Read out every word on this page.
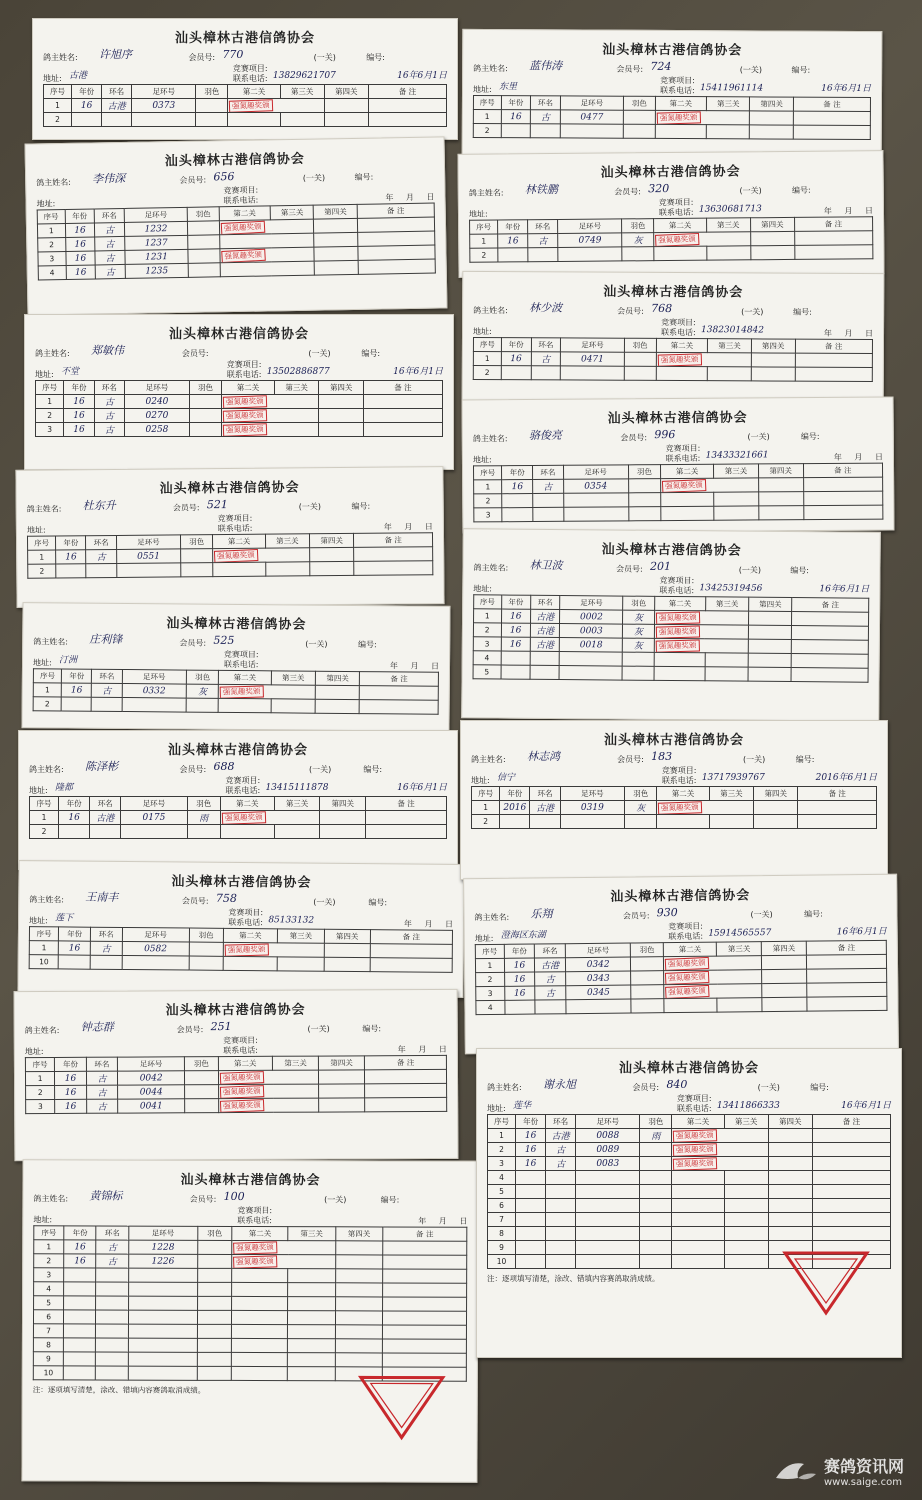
汕头樟林古港信鸽协会
鸽主姓名: 许旭序	会员号: 770	(一关)	编号:
竞赛项目:
地址: 古港	联系电话: 13829621707	16年6月1日
序号	年份	环名	足环号	羽色	第二关	第三关	第四关	备 注
1	16	古港	0373		强氮趣奖颁			
2								
汕头樟林古港信鸽协会
鸽主姓名: 李伟深	会员号: 656	(一关)	编号:
竞赛项目:
地址:	联系电话:	年 月 日
序号	年份	环名	足环号	羽色	第二关	第三关	第四关	备 注
1	16	古	1232		强氮趣奖颁			
2	16	古	1237					
3	16	古	1231		强氮趣奖颁			
4	16	古	1235					
汕头樟林古港信鸽协会
鸽主姓名: 郑敏伟	会员号:	(一关)	编号:
竞赛项目:
地址: 不堂	联系电话: 13502886877	16年6月1日
序号	年份	环名	足环号	羽色	第二关	第三关	第四关	备 注
1	16	古	0240		强氮趣奖颁			
2	16	古	0270		强氮趣奖颁			
3	16	古	0258		强氮趣奖颁			
汕头樟林古港信鸽协会
鸽主姓名: 杜东升	会员号: 521	(一关)	编号:
竞赛项目:
地址:	联系电话:	年 月 日
序号	年份	环名	足环号	羽色	第二关	第三关	第四关	备 注
1	16	古	0551		强氮趣奖颁			
2								
汕头樟林古港信鸽协会
鸽主姓名: 庄利锋	会员号: 525	(一关)	编号:
竞赛项目:
地址: 汀洲	联系电话:	年 月 日
序号	年份	环名	足环号	羽色	第二关	第三关	第四关	备 注
1	16	古	0332	灰	强氮趣奖颁			
2								
汕头樟林古港信鸽协会
鸽主姓名: 陈泽彬	会员号: 688	(一关)	编号:
竞赛项目:
地址: 隆都	联系电话: 13415111878	16年6月1日
序号	年份	环名	足环号	羽色	第二关	第三关	第四关	备 注
1	16	古港	0175	雨	强氮趣奖颁			
2								
汕头樟林古港信鸽协会
鸽主姓名: 王南丰	会员号: 758	(一关)	编号:
竞赛项目:
地址: 莲下	联系电话: 85133132	年 月 日
序号	年份	环名	足环号	羽色	第二关	第三关	第四关	备 注
1	16	古	0582		强氮趣奖颁			
10								
汕头樟林古港信鸽协会
鸽主姓名: 钟志群	会员号: 251	(一关)	编号:
竞赛项目:
地址:	联系电话:	年 月 日
序号	年份	环名	足环号	羽色	第二关	第三关	第四关	备 注
1	16	古	0042		强氮趣奖颁			
2	16	古	0044		强氮趣奖颁			
3	16	古	0041		强氮趣奖颁			
汕头樟林古港信鸽协会
鸽主姓名: 黄锦标	会员号: 100	(一关)	编号:
竞赛项目:
地址:	联系电话:	年 月 日
序号	年份	环名	足环号	羽色	第二关	第三关	第四关	备 注
1	16	古	1228		强氮趣奖颁			
2	16	古	1226		强氮趣奖颁			
3								
4								
5								
6								
7								
8								
9								
10								
注：逐项填写清楚，涂改、错填内容赛鸽取消成绩。
汕头樟林古港信鸽协会
鸽主姓名: 蓝伟涛	会员号: 724	(一关)	编号:
竞赛项目:
地址: 东里	联系电话: 15411961114	16年6月1日
序号	年份	环名	足环号	羽色	第二关	第三关	第四关	备 注
1	16	古	0477		强氮趣奖颁			
2								
汕头樟林古港信鸽协会
鸽主姓名: 林铁鹏	会员号: 320	(一关)	编号:
竞赛项目:
地址:	联系电话: 13630681713	年 月 日
序号	年份	环名	足环号	羽色	第二关	第三关	第四关	备 注
1	16	古	0749	灰	强氮趣奖颁			
2								
汕头樟林古港信鸽协会
鸽主姓名: 林少波	会员号: 768	(一关)	编号:
竞赛项目:
地址:	联系电话: 13823014842	年 月 日
序号	年份	环名	足环号	羽色	第二关	第三关	第四关	备 注
1	16	古	0471		强氮趣奖颁			
2								
汕头樟林古港信鸽协会
鸽主姓名: 骆俊亮	会员号: 996	(一关)	编号:
竞赛项目:
地址:	联系电话: 13433321661	年 月 日
序号	年份	环名	足环号	羽色	第二关	第三关	第四关	备 注
1	16	古	0354		强氮趣奖颁			
2								
3								
汕头樟林古港信鸽协会
鸽主姓名: 林卫波	会员号: 201	(一关)	编号:
竞赛项目:
地址:	联系电话: 13425319456	16年6月1日
序号	年份	环名	足环号	羽色	第二关	第三关	第四关	备 注
1	16	古港	0002	灰	强氮趣奖颁			
2	16	古港	0003	灰	强氮趣奖颁			
3	16	古港	0018	灰	强氮趣奖颁			
4								
5								
汕头樟林古港信鸽协会
鸽主姓名: 林志鸿	会员号: 183	(一关)	编号:
竞赛项目:
地址: 信宁	联系电话: 13717939767	2016年6月1日
序号	年份	环名	足环号	羽色	第二关	第三关	第四关	备 注
1	2016	古港	0319	灰	强氮趣奖颁			
2								
汕头樟林古港信鸽协会
鸽主姓名: 乐翔	会员号: 930	(一关)	编号:
竞赛项目:
地址: 澄海区东湖	联系电话: 15914565557	16年6月1日
序号	年份	环名	足环号	羽色	第二关	第三关	第四关	备 注
1	16	古港	0342		强氮趣奖颁			
2	16	古	0343		强氮趣奖颁			
3	16	古	0345		强氮趣奖颁			
4								
汕头樟林古港信鸽协会
鸽主姓名: 谢永旭	会员号: 840	(一关)	编号:
竞赛项目:
地址: 莲华	联系电话: 13411866333	16年6月1日
序号	年份	环名	足环号	羽色	第二关	第三关	第四关	备 注
1	16	古港	0088	雨	强氮趣奖颁			
2	16	古	0089		强氮趣奖颁			
3	16	古	0083		强氮趣奖颁			
4								
5								
6								
7								
8								
9								
10								
注：逐项填写清楚，涂改、错填内容赛鸽取消成绩。
赛鸽资讯网
www.saige.com
